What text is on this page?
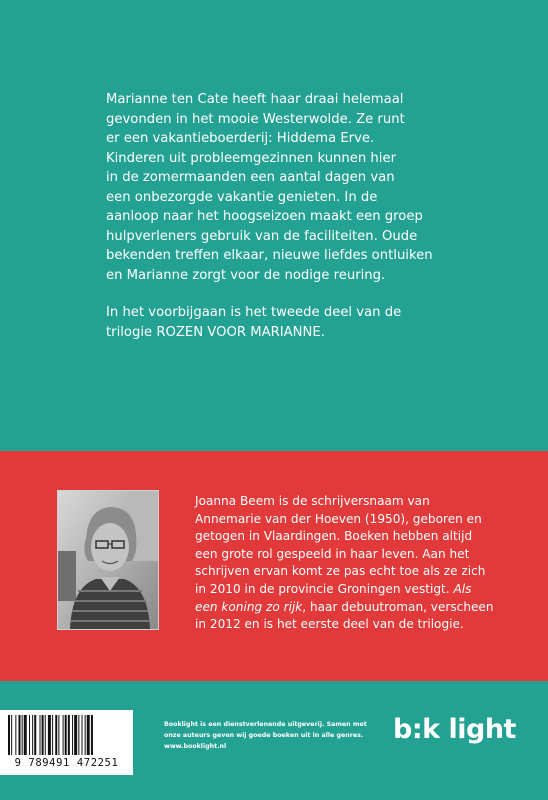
Marianne ten Cate heeft haar draai helemaal
gevonden in het mooie Westerwolde. Ze runt
er een vakantieboerderij: Hiddema Erve.
Kinderen uit probleemgezinnen kunnen hier
in de zomermaanden een aantal dagen van
een onbezorgde vakantie genieten. In de
aanloop naar het hoogseizoen maakt een groep
hulpverleners gebruik van de faciliteiten. Oude
bekenden treffen elkaar, nieuwe liefdes ontluiken
en Marianne zorgt voor de nodige reuring.

In het voorbijgaan is het tweede deel van de
trilogie ROZEN VOOR MARIANNE.

Joanna Beem is de schrijversnaam van
Annemarie van der Hoeven (1950), geboren en
getogen in Vlaardingen. Boeken hebben altijd
een grote rol gespeeld in haar leven. Aan het
schrijven ervan komt ze pas echt toe als ze zich
in 2010 in de provincie Groningen vestigt. Als
een koning zo rijk, haar debuutroman, verscheen
in 2012 en is het eerste deel van de trilogie.
9 789491 472251
Booklight is een dienstverlenende uitgeverij. Samen met
onze auteurs geven wij goede boeken uit in alle genres.
www.booklight.nl
b:k light
